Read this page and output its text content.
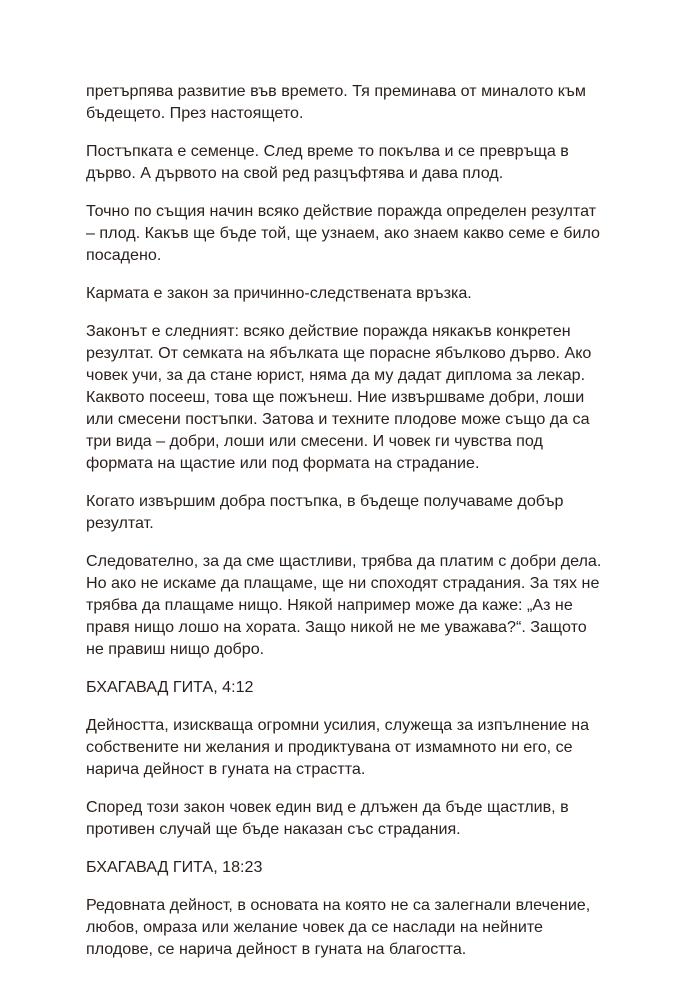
претърпява развитие във времето. Тя преминава от миналото към
бъдещето. През настоящето.

Постъпката е семенце. След време то покълва и се превръща в
дърво. А дървото на свой ред разцъфтява и дава плод.

Точно по същия начин всяко действие поражда определен резултат
– плод. Какъв ще бъде той, ще узнаем, ако знаем какво семе е било
посадено.

Кармата е закон за причинно-следствената връзка.

Законът е следният: всяко действие поражда някакъв конкретен
резултат. От семката на ябълката ще порасне ябълково дърво. Ако
човек учи, за да стане юрист, няма да му дадат диплома за лекар.
Каквото посееш, това ще пожънеш. Ние извършваме добри, лоши
или смесени постъпки. Затова и техните плодове може също да са
три вида – добри, лоши или смесени. И човек ги чувства под
формата на щастие или под формата на страдание.

Когато извършим добра постъпка, в бъдеще получаваме добър
резултат.

Следователно, за да сме щастливи, трябва да платим с добри дела.
Но ако не искаме да плащаме, ще ни споходят страдания. За тях не
трябва да плащаме нищо. Някой например може да каже: „Аз не
правя нищо лошо на хората. Защо никой не ме уважава?“. Защото
не правиш нищо добро.

БХАГАВАД ГИТА, 4:12

Дейността, изискваща огромни усилия, служеща за изпълнение на
собствените ни желания и продиктувана от измамното ни его, се
нарича дейност в гуната на страстта.

Според този закон човек един вид е длъжен да бъде щастлив, в
противен случай ще бъде наказан със страдания.

БХАГАВАД ГИТА, 18:23

Редовната дейност, в основата на която не са залегнали влечение,
любов, омраза или желание човек да се наслади на нейните
плодове, се нарича дейност в гуната на благостта.
